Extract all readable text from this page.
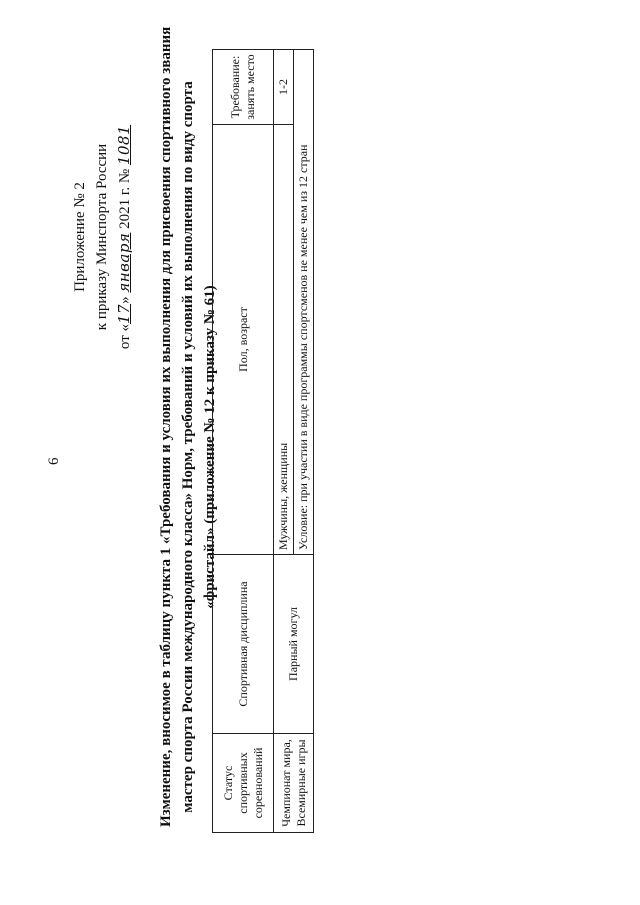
6
Приложение № 2 к приказу Минспорта России
от «17» января 2021 г. № 1081 Изменение, вносимое в таблицу пункта 1 «Требования и условия их выполнения для присвоения спортивного звания мастер спорта России международного класса» Норм, требований и условий их выполнения по виду спорта «фристайл» (приложение № 12 к приказу № 61)
Статус спортивных соревнований	Спортивная дисциплина	Пол, возраст	Требование: занять место
Чемпионат мира, Всемирные игры	Парный могул	Мужчины, женщины	1-2
		Условие: при участии в виде программы спортсменов не менее чем из 12 стран	
